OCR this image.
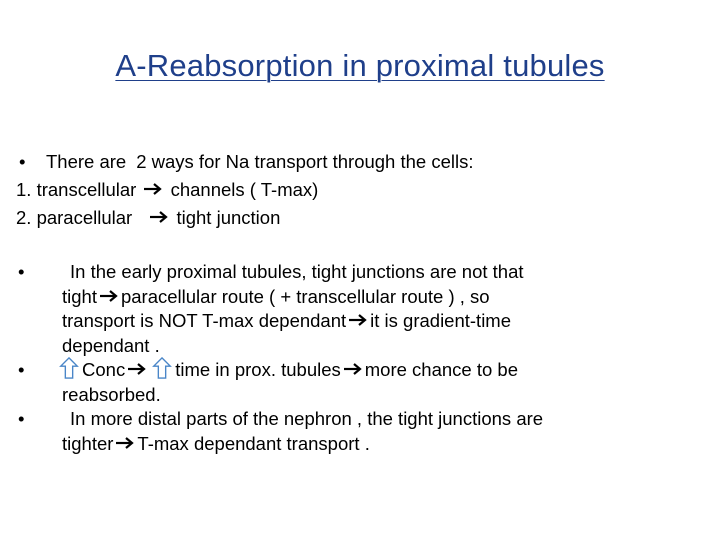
A-Reabsorption in proximal tubules
• There are 2 ways for Na transport through the cells:
1. transcellular channels ( T-max)
2. paracellular tight junction
• In the early proximal tubules, tight junctions are not that
tight paracellular route ( + transcellular route ) , so
transport is NOT T-max dependant it is gradient-time
dependant .
•	Conc	time in prox. tubules more chance to be
reabsorbed.
• In more distal parts of the nephron , the tight junctions are
tighter T-max dependant transport .
